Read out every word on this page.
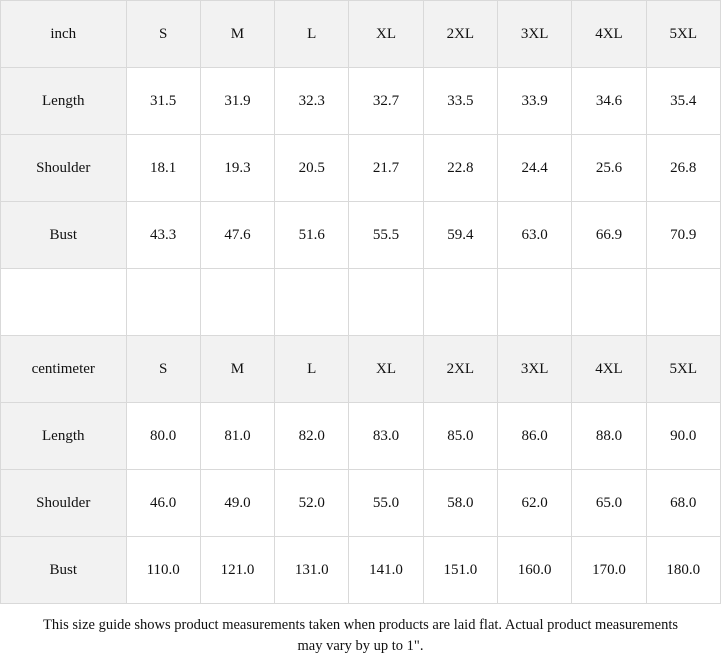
inch	S	M	L	XL	2XL	3XL	4XL	5XL
Length	31.5	31.9	32.3	32.7	33.5	33.9	34.6	35.4
Shoulder	18.1	19.3	20.5	21.7	22.8	24.4	25.6	26.8
Bust	43.3	47.6	51.6	55.5	59.4	63.0	66.9	70.9

centimeter	S	M	L	XL	2XL	3XL	4XL	5XL
Length	80.0	81.0	82.0	83.0	85.0	86.0	88.0	90.0
Shoulder	46.0	49.0	52.0	55.0	58.0	62.0	65.0	68.0
Bust	110.0	121.0	131.0	141.0	151.0	160.0	170.0	180.0
This size guide shows product measurements taken when products are laid flat. Actual product measurements may vary by up to 1".
